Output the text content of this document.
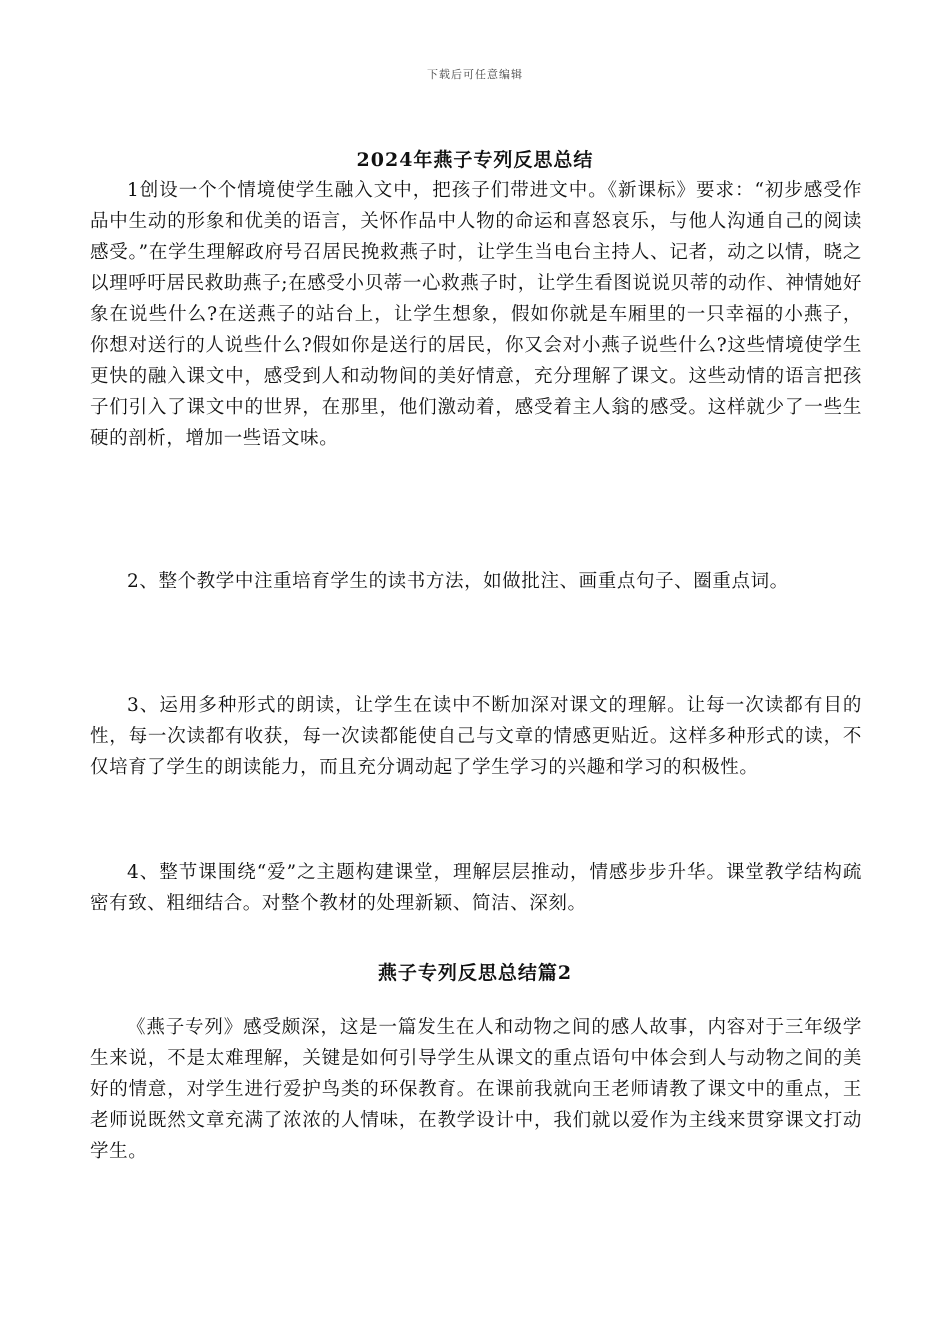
下载后可任意编辑
2024年燕子专列反思总结

1创设一个个情境使学生融入文中，把孩子们带进文中。《新课标》要求：“初步感受作品中生动的形象和优美的语言，关怀作品中人物的命运和喜怒哀乐，与他人沟通自己的阅读感受。”在学生理解政府号召居民挽救燕子时，让学生当电台主持人、记者，动之以情，晓之以理呼吁居民救助燕子;在感受小贝蒂一心救燕子时，让学生看图说说贝蒂的动作、神情她好象在说些什么?在送燕子的站台上，让学生想象，假如你就是车厢里的一只幸福的小燕子，你想对送行的人说些什么?假如你是送行的居民，你又会对小燕子说些什么?这些情境使学生更快的融入课文中，感受到人和动物间的美好情意，充分理解了课文。这些动情的语言把孩子们引入了课文中的世界，在那里，他们激动着，感受着主人翁的感受。这样就少了一些生硬的剖析，增加一些语文味。

2、整个教学中注重培育学生的读书方法，如做批注、画重点句子、圈重点词。

3、运用多种形式的朗读，让学生在读中不断加深对课文的理解。让每一次读都有目的性，每一次读都有收获，每一次读都能使自己与文章的情感更贴近。这样多种形式的读，不仅培育了学生的朗读能力，而且充分调动起了学生学习的兴趣和学习的积极性。

4、整节课围绕“爱”之主题构建课堂，理解层层推动，情感步步升华。课堂教学结构疏密有致、粗细结合。对整个教材的处理新颖、简洁、深刻。

燕子专列反思总结篇2

《燕子专列》感受颇深，这是一篇发生在人和动物之间的感人故事，内容对于三年级学生来说，不是太难理解，关键是如何引导学生从课文的重点语句中体会到人与动物之间的美好的情意，对学生进行爱护鸟类的环保教育。在课前我就向王老师请教了课文中的重点，王老师说既然文章充满了浓浓的人情味，在教学设计中，我们就以爱作为主线来贯穿课文打动学生。
